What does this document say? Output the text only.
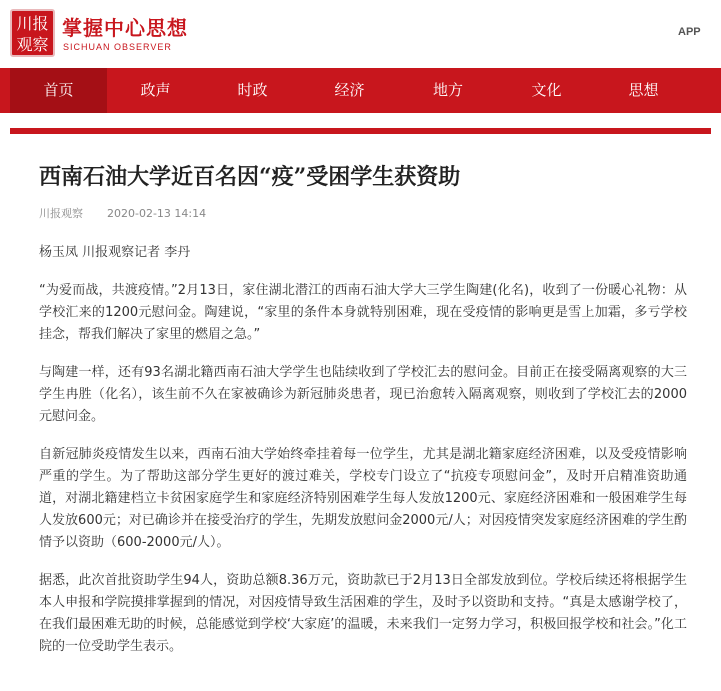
川报
观察
掌握中心思想
SICHUAN OBSERVER
APP
首页	政声	时政	经济	地方	文化	思想
西南石油大学近百名因“疫”受困学生获资助
川报观察 2020-02-13 14:14

杨玉凤 川报观察记者 李丹

“为爱而战，共渡疫情。”2月13日，家住湖北潜江的西南石油大学大三学生陶建(化名)，收到了一份暖心礼物：从学校汇来的1200元慰问金。陶建说，“家里的条件本身就特别困难，现在受疫情的影响更是雪上加霜，多亏学校挂念，帮我们解决了家里的燃眉之急。”

与陶建一样，还有93名湖北籍西南石油大学学生也陆续收到了学校汇去的慰问金。目前正在接受隔离观察的大三学生冉胜（化名），该生前不久在家被确诊为新冠肺炎患者，现已治愈转入隔离观察，则收到了学校汇去的2000元慰问金。

自新冠肺炎疫情发生以来，西南石油大学始终牵挂着每一位学生，尤其是湖北籍家庭经济困难，以及受疫情影响严重的学生。为了帮助这部分学生更好的渡过难关，学校专门设立了“抗疫专项慰问金”，及时开启精准资助通道，对湖北籍建档立卡贫困家庭学生和家庭经济特别困难学生每人发放1200元、家庭经济困难和一般困难学生每人发放600元；对已确诊并在接受治疗的学生，先期发放慰问金2000元/人；对因疫情突发家庭经济困难的学生酌情予以资助（600-2000元/人）。

据悉，此次首批资助学生94人，资助总额8.36万元，资助款已于2月13日全部发放到位。学校后续还将根据学生本人申报和学院摸排掌握到的情况，对因疫情导致生活困难的学生，及时予以资助和支持。“真是太感谢学校了，在我们最困难无助的时候，总能感觉到学校‘大家庭’的温暖，未来我们一定努力学习，积极回报学校和社会。”化工院的一位受助学生表示。
